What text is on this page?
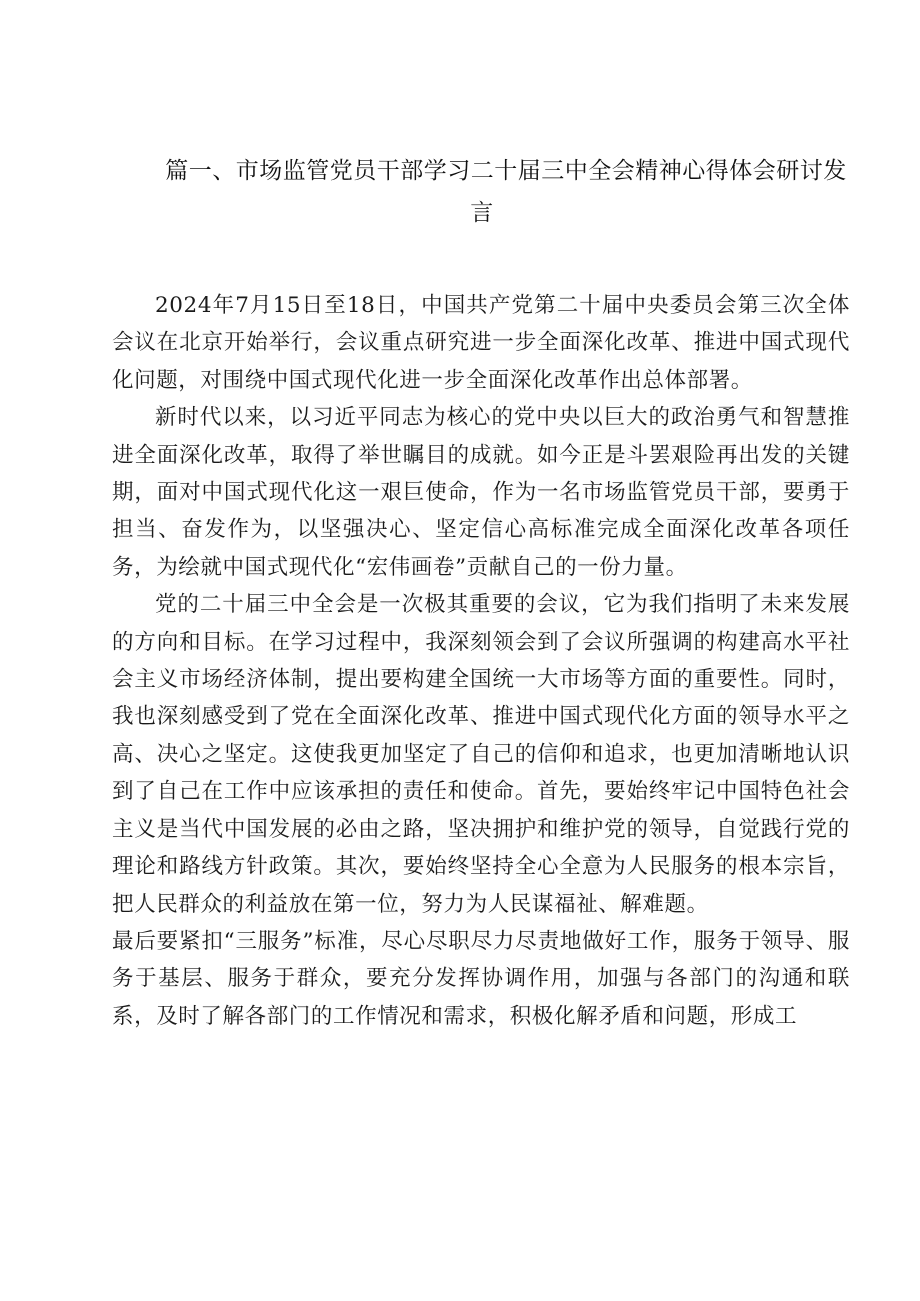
篇一、市场监管党员干部学习二十届三中全会精神心得体会研讨发言

2024年7月15日至18日，中国共产党第二十届中央委员会第三次全体会议在北京开始举行，会议重点研究进一步全面深化改革、推进中国式现代化问题，对围绕中国式现代化进一步全面深化改革作出总体部署。

新时代以来，以习近平同志为核心的党中央以巨大的政治勇气和智慧推进全面深化改革，取得了举世瞩目的成就。如今正是斗罢艰险再出发的关键期，面对中国式现代化这一艰巨使命，作为一名市场监管党员干部，要勇于担当、奋发作为，以坚强决心、坚定信心高标准完成全面深化改革各项任务，为绘就中国式现代化“宏伟画卷”贡献自己的一份力量。

党的二十届三中全会是一次极其重要的会议，它为我们指明了未来发展的方向和目标。在学习过程中，我深刻领会到了会议所强调的构建高水平社会主义市场经济体制，提出要构建全国统一大市场等方面的重要性。同时，我也深刻感受到了党在全面深化改革、推进中国式现代化方面的领导水平之高、决心之坚定。这使我更加坚定了自己的信仰和追求，也更加清晰地认识到了自己在工作中应该承担的责任和使命。首先，要始终牢记中国特色社会主义是当代中国发展的必由之路，坚决拥护和维护党的领导，自觉践行党的理论和路线方针政策。其次，要始终坚持全心全意为人民服务的根本宗旨，把人民群众的利益放在第一位，努力为人民谋福祉、解难题。

最后要紧扣“三服务”标准，尽心尽职尽力尽责地做好工作，服务于领导、服务于基层、服务于群众，要充分发挥协调作用，加强与各部门的沟通和联系，及时了解各部门的工作情况和需求，积极化解矛盾和问题，形成工
